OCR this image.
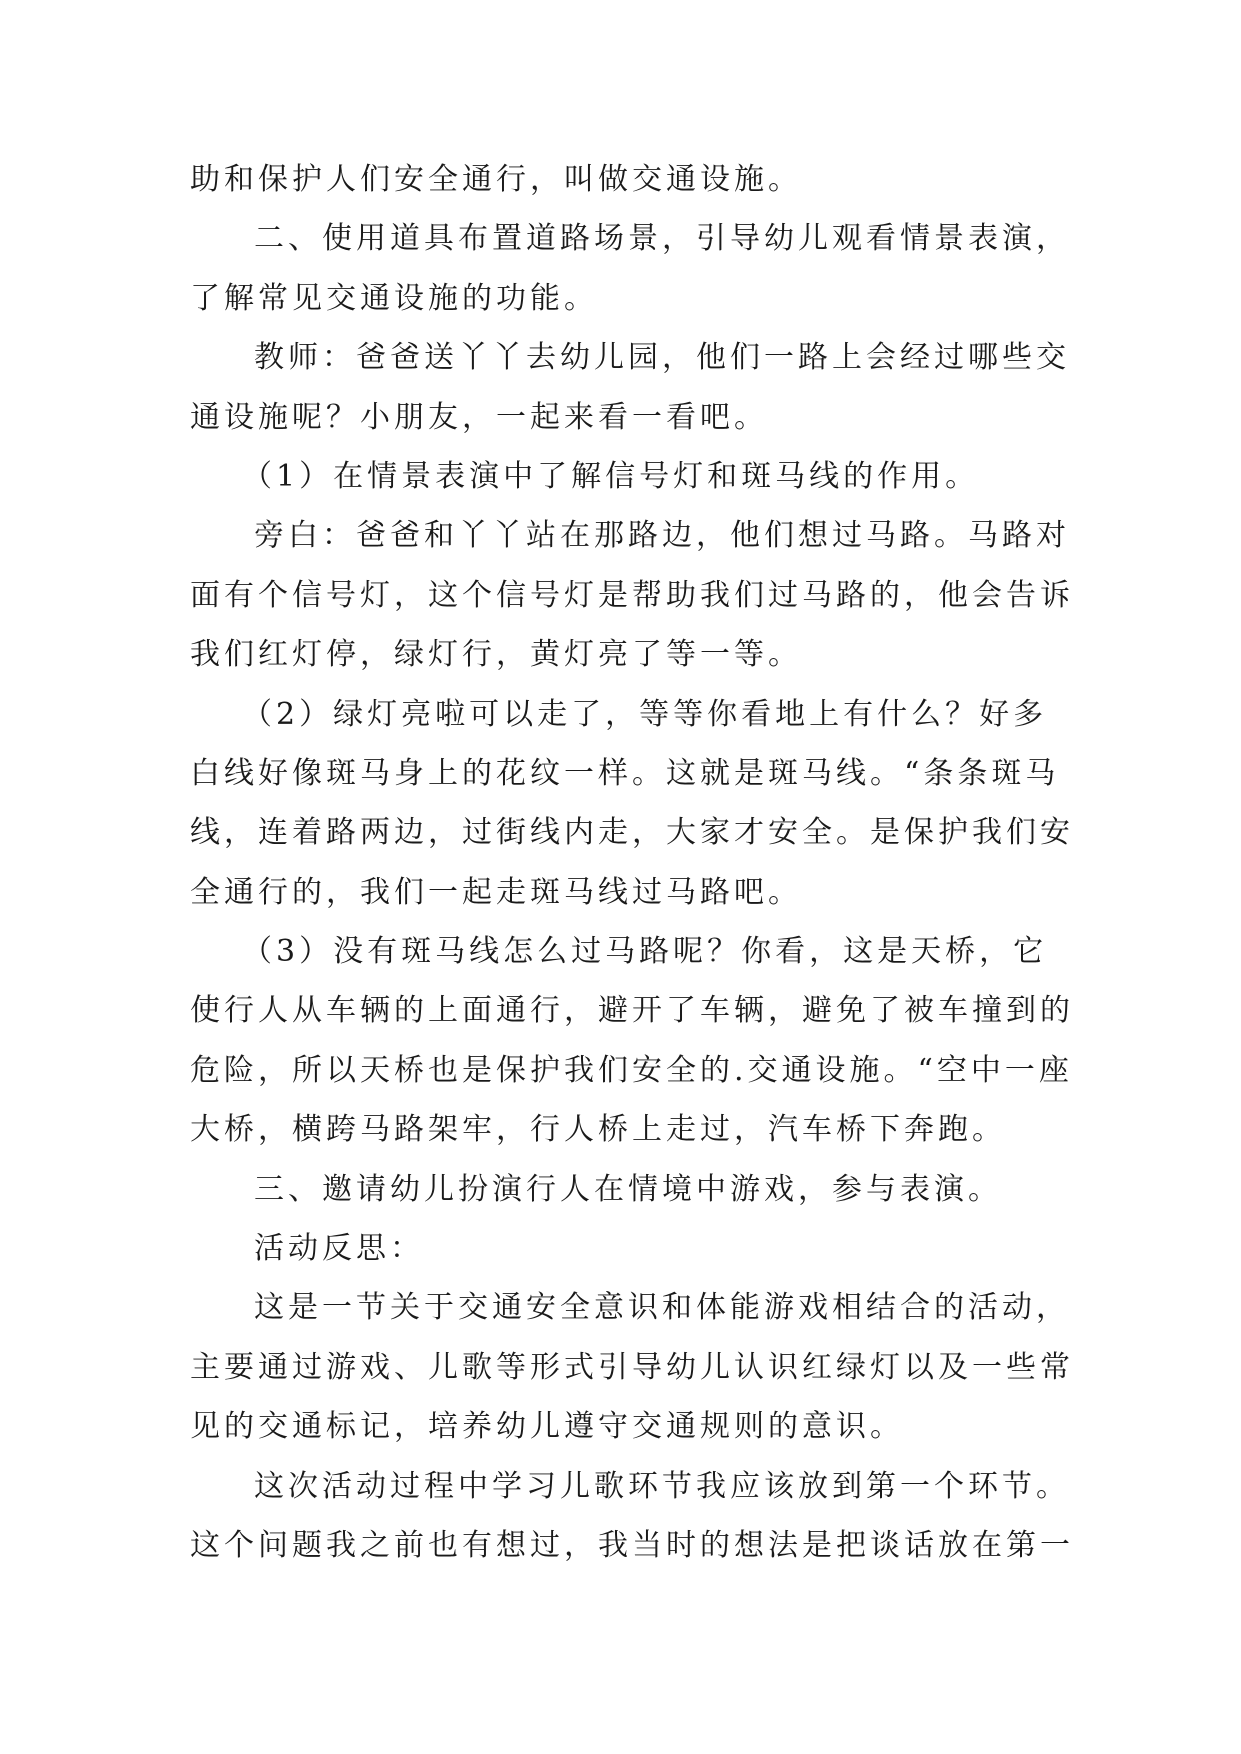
助和保护人们安全通行，叫做交通设施。
二、使用道具布置道路场景，引导幼儿观看情景表演，
了解常见交通设施的功能。
教师：爸爸送丫丫去幼儿园，他们一路上会经过哪些交
通设施呢？小朋友，一起来看一看吧。
（1）在情景表演中了解信号灯和斑马线的作用。
旁白：爸爸和丫丫站在那路边，他们想过马路。马路对
面有个信号灯，这个信号灯是帮助我们过马路的，他会告诉
我们红灯停，绿灯行，黄灯亮了等一等。
（2）绿灯亮啦可以走了，等等你看地上有什么？好多
白线好像斑马身上的花纹一样。这就是斑马线。“条条斑马
线，连着路两边，过街线内走，大家才安全。是保护我们安
全通行的，我们一起走斑马线过马路吧。
（3）没有斑马线怎么过马路呢？你看，这是天桥，它
使行人从车辆的上面通行，避开了车辆，避免了被车撞到的
危险，所以天桥也是保护我们安全的.交通设施。“空中一座
大桥，横跨马路架牢，行人桥上走过，汽车桥下奔跑。
三、邀请幼儿扮演行人在情境中游戏，参与表演。
活动反思：
这是一节关于交通安全意识和体能游戏相结合的活动，
主要通过游戏、儿歌等形式引导幼儿认识红绿灯以及一些常
见的交通标记，培养幼儿遵守交通规则的意识。
这次活动过程中学习儿歌环节我应该放到第一个环节。
这个问题我之前也有想过，我当时的想法是把谈话放在第一
